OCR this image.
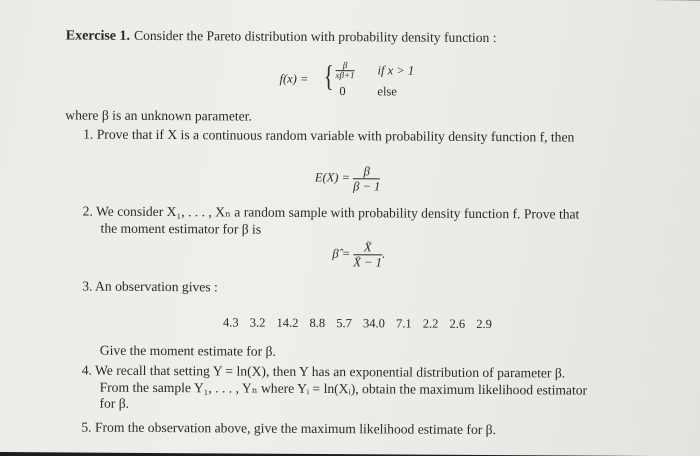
Exercise 1. Consider the Pareto distribution with probability density function :
f(x) = { $\frac{\beta}{x\beta+1}$ if x > 1
0	else
where β is an unknown parameter.
1. Prove that if X is a continuous random variable with probability density function f, then
$E(X) = \frac{\beta}{\beta - 1}$
2. We consider X₁, . . . , Xₙ a random sample with probability density function f. Prove that
the moment estimator for β is
β̂ = $\frac{X̄}{X̄ - 1}$ .
3. An observation gives :
4.3 3.2 14.2 8.8 5.7 34.0 7.1 2.2 2.6 2.9
Give the moment estimate for β.
4. We recall that setting Y = ln(X), then Y has an exponential distribution of parameter β.
From the sample Y₁, . . . , Yₙ where Yᵢ = ln(Xᵢ), obtain the maximum likelihood estimator
for β.
5. From the observation above, give the maximum likelihood estimate for β.
